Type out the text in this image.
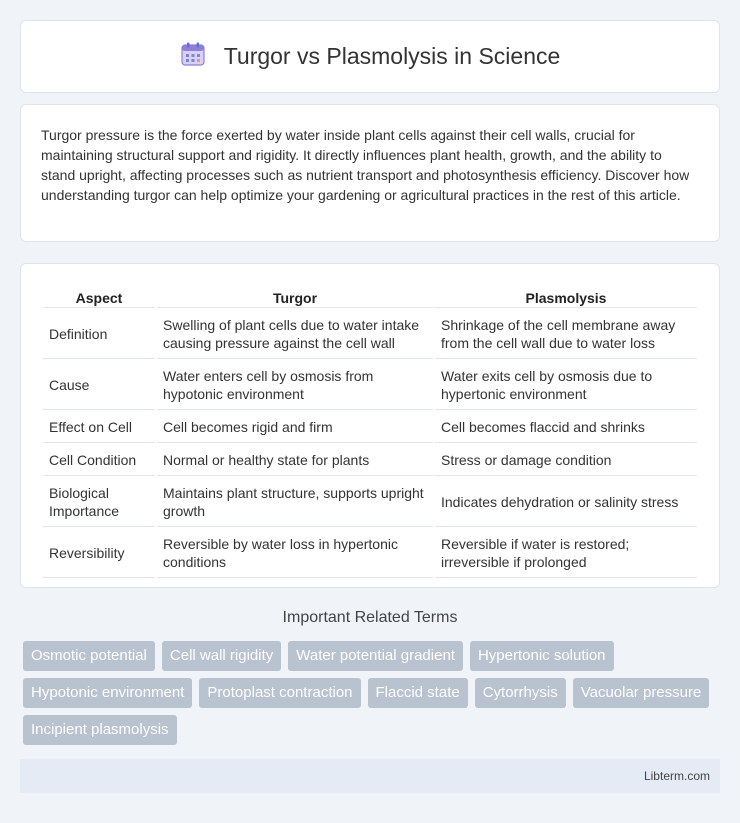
Turgor vs Plasmolysis in Science

Turgor pressure is the force exerted by water inside plant cells against their cell walls, crucial for maintaining structural support and rigidity. It directly influences plant health, growth, and the ability to stand upright, affecting processes such as nutrient transport and photosynthesis efficiency. Discover how understanding turgor can help optimize your gardening or agricultural practices in the rest of this article.

Aspect	Turgor	Plasmolysis
Definition	Swelling of plant cells due to water intake causing pressure against the cell wall	Shrinkage of the cell membrane away from the cell wall due to water loss
Cause	Water enters cell by osmosis from hypotonic environment	Water exits cell by osmosis due to hypertonic environment
Effect on Cell	Cell becomes rigid and firm	Cell becomes flaccid and shrinks
Cell Condition	Normal or healthy state for plants	Stress or damage condition
Biological Importance	Maintains plant structure, supports upright growth	Indicates dehydration or salinity stress
Reversibility	Reversible by water loss in hypertonic conditions	Reversible if water is restored; irreversible if prolonged
Important Related Terms
Osmotic potential	Cell wall rigidity	Water potential gradient	Hypertonic solution
Hypotonic environment	Protoplast contraction	Flaccid state	Cytorrhysis	Vacuolar pressure
Incipient plasmolysis
Libterm.com
